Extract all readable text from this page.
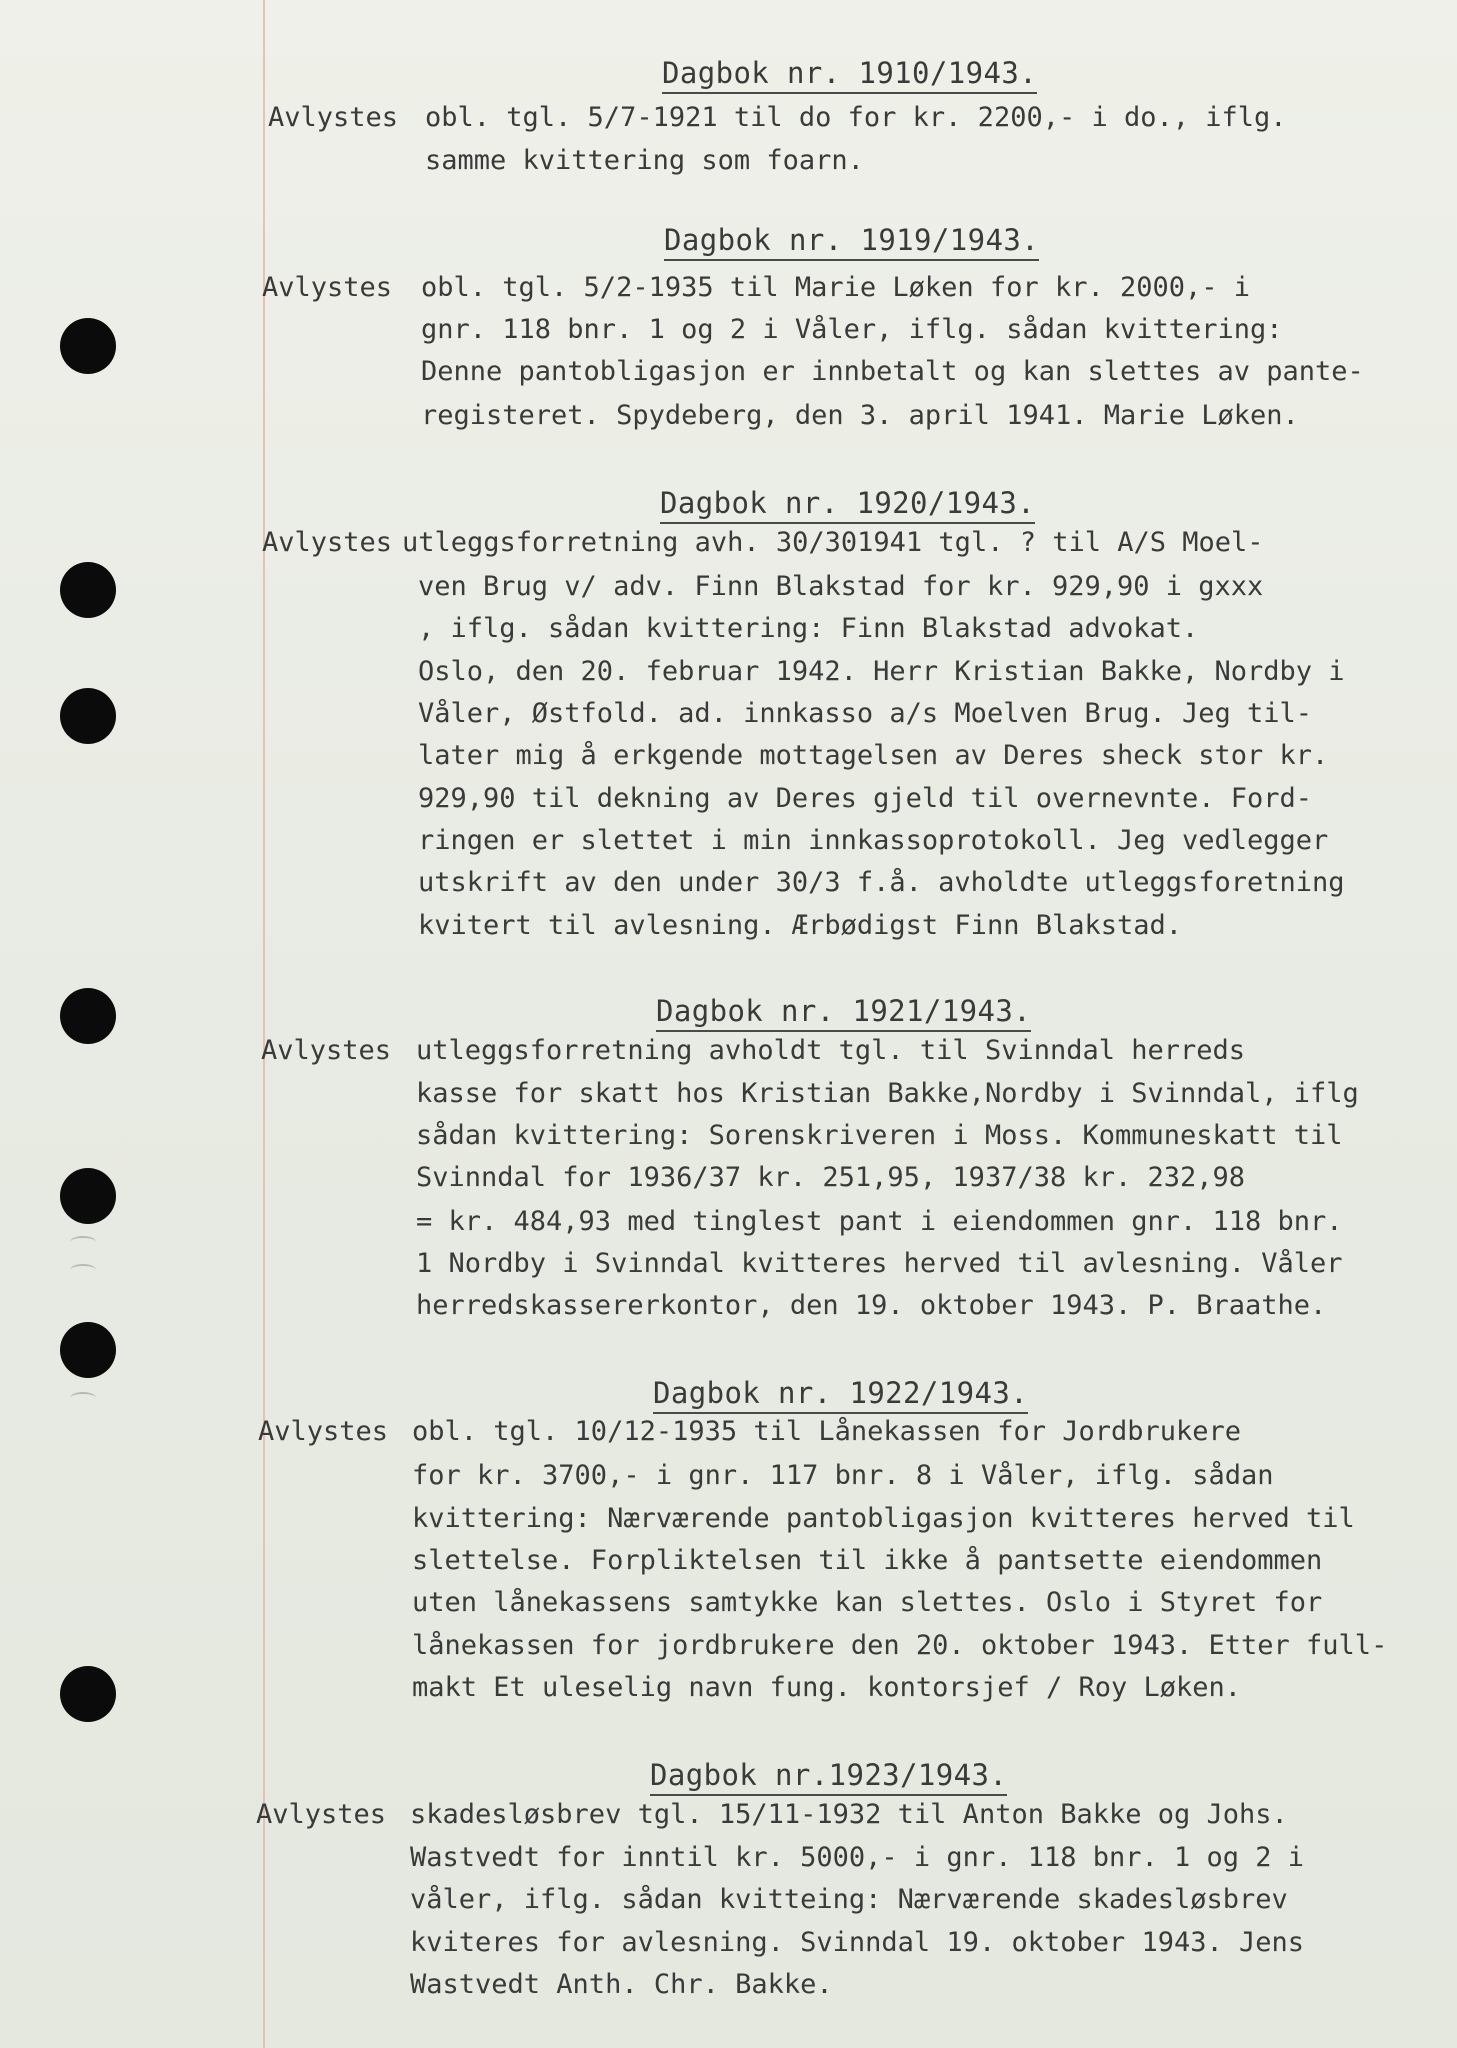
Dagbok nr. 1910/1943.
Avlystes obl. tgl. 5/7-1921 til do for kr. 2200,- i do., iflg.
samme kvittering som foarn.
Dagbok nr. 1919/1943.
Avlystes obl. tgl. 5/2-1935 til Marie Løken for kr. 2000,- i
gnr. 118 bnr. 1 og 2 i Våler, iflg. sådan kvittering:
Denne pantobligasjon er innbetalt og kan slettes av pante-
registeret. Spydeberg, den 3. april 1941. Marie Løken.
Dagbok nr. 1920/1943.
Avlystes utleggsforretning avh. 30/301941 tgl. ? til A/S Moel-
ven Brug v/ adv. Finn Blakstad for kr. 929,90 i gxxx
, iflg. sådan kvittering: Finn Blakstad advokat.
Oslo, den 20. februar 1942. Herr Kristian Bakke, Nordby i
Våler, Østfold. ad. innkasso a/s Moelven Brug. Jeg til-
later mig å erkgende mottagelsen av Deres sheck stor kr.
929,90 til dekning av Deres gjeld til overnevnte. Ford-
ringen er slettet i min innkassoprotokoll. Jeg vedlegger
utskrift av den under 30/3 f.å. avholdte utleggsforetning
kvitert til avlesning. Ærbødigst Finn Blakstad.
Dagbok nr. 1921/1943.
Avlystes utleggsforretning avholdt tgl. til Svinndal herreds
kasse for skatt hos Kristian Bakke,Nordby i Svinndal, iflg
sådan kvittering: Sorenskriveren i Moss. Kommuneskatt til
Svinndal for 1936/37 kr. 251,95, 1937/38 kr. 232,98
= kr. 484,93 med tinglest pant i eiendommen gnr. 118 bnr.
1 Nordby i Svinndal kvitteres herved til avlesning. Våler
herredskassererkontor, den 19. oktober 1943. P. Braathe.
Dagbok nr. 1922/1943.
Avlystes obl. tgl. 10/12-1935 til Lånekassen for Jordbrukere
for kr. 3700,- i gnr. 117 bnr. 8 i Våler, iflg. sådan
kvittering: Nærværende pantobligasjon kvitteres herved til
slettelse. Forpliktelsen til ikke å pantsette eiendommen
uten lånekassens samtykke kan slettes. Oslo i Styret for
lånekassen for jordbrukere den 20. oktober 1943. Etter full-
makt Et uleselig navn fung. kontorsjef / Roy Løken.
Dagbok nr.1923/1943.
Avlystes skadesløsbrev tgl. 15/11-1932 til Anton Bakke og Johs.
Wastvedt for inntil kr. 5000,- i gnr. 118 bnr. 1 og 2 i
våler, iflg. sådan kvitteing: Nærværende skadesløsbrev
kviteres for avlesning. Svinndal 19. oktober 1943. Jens
Wastvedt Anth. Chr. Bakke.
